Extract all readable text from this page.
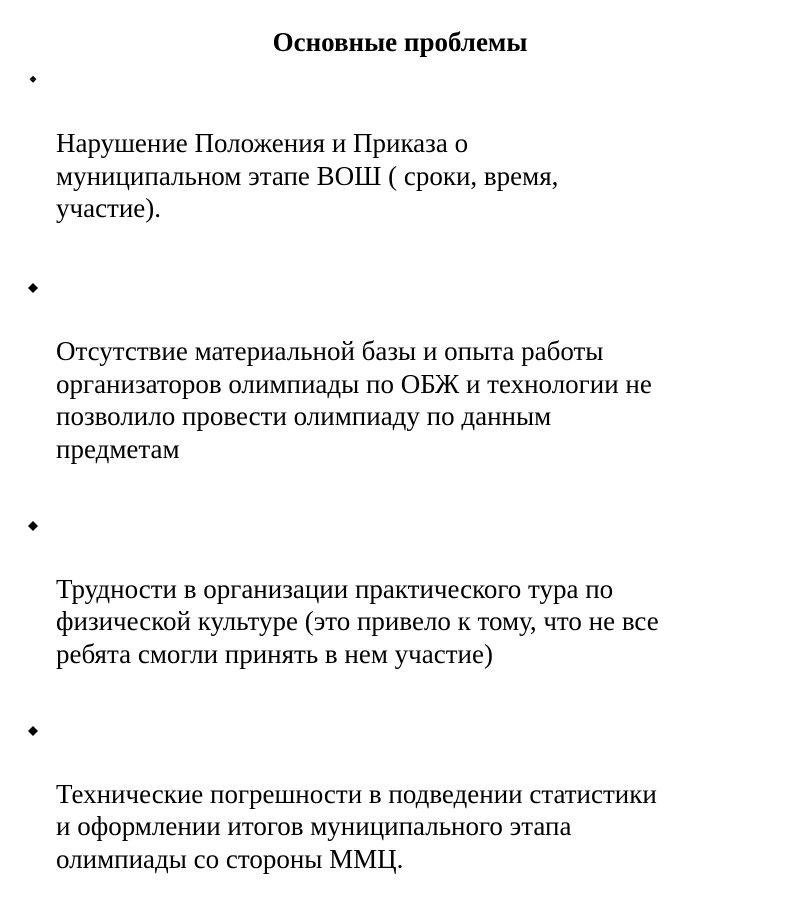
Основные проблемы

Нарушение Положения и Приказа о
муниципальном этапе ВОШ ( сроки, время,
участие).

Отсутствие материальной базы и опыта работы
организаторов олимпиады по ОБЖ и технологии не
позволило провести олимпиаду по данным
предметам

Трудности в организации практического тура по
физической культуре (это привело к тому, что не все
ребята смогли принять в нем участие)

Технические погрешности в подведении статистики
и оформлении итогов муниципального этапа
олимпиады со стороны ММЦ.
